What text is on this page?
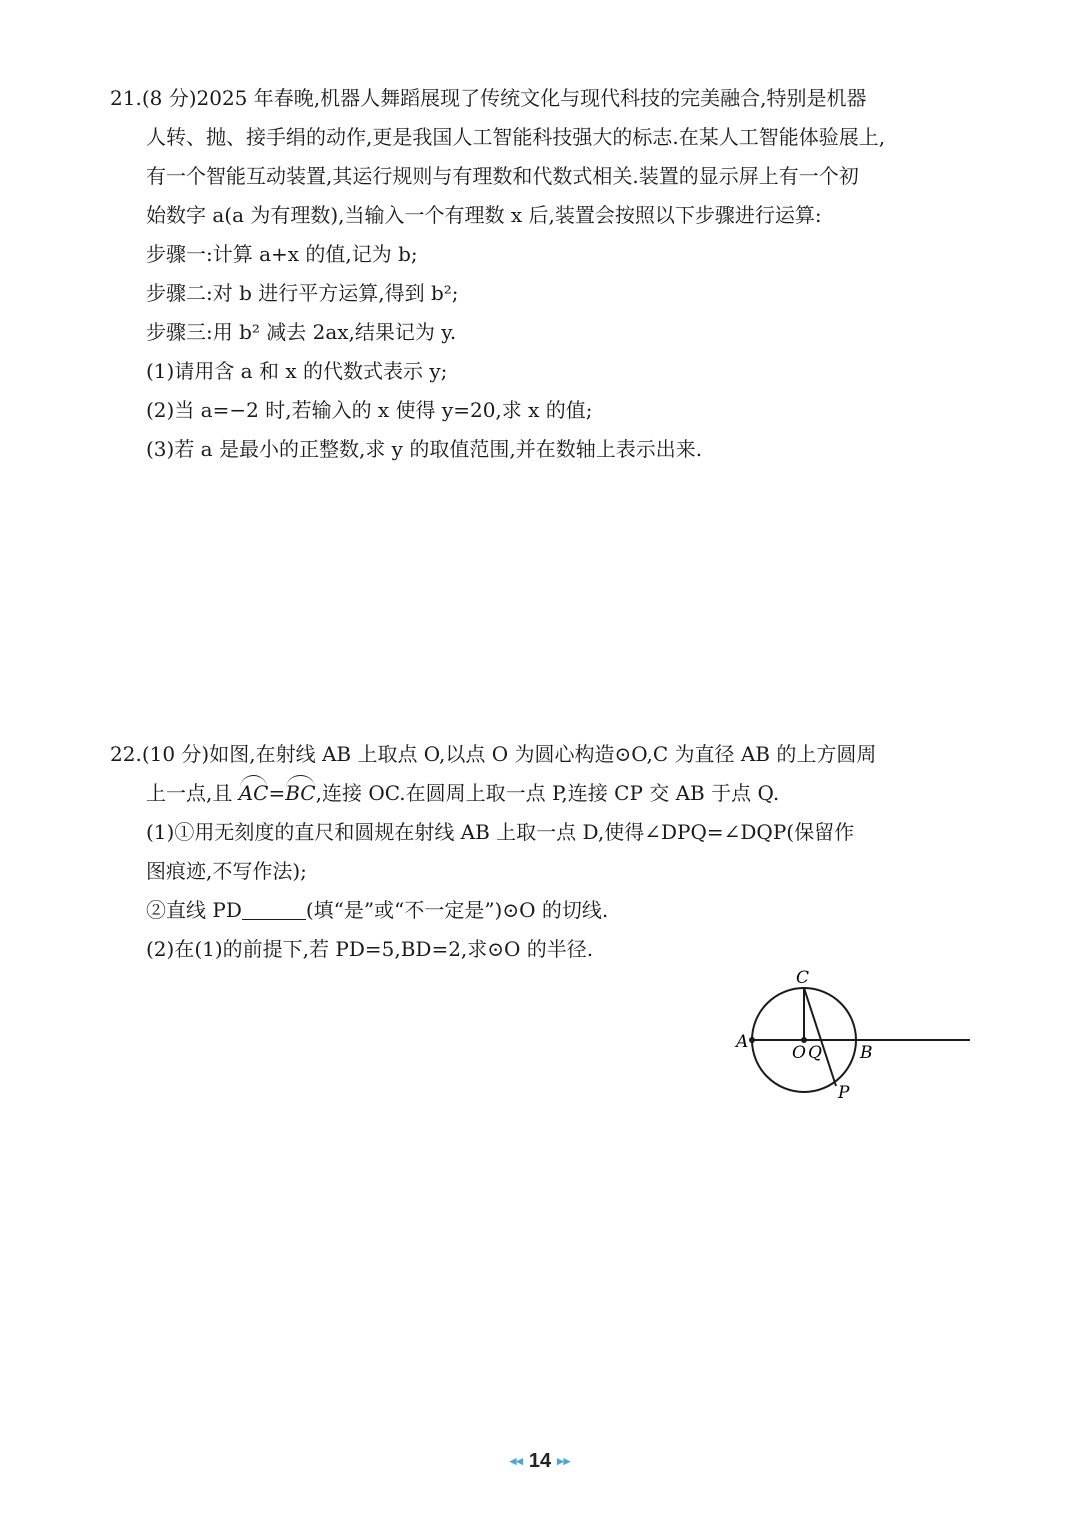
21.(8 分)2025 年春晚,机器人舞蹈展现了传统文化与现代科技的完美融合,特别是机器
人转、抛、接手绢的动作,更是我国人工智能科技强大的标志.在某人工智能体验展上,
有一个智能互动装置,其运行规则与有理数和代数式相关.装置的显示屏上有一个初
始数字 a(a 为有理数),当输入一个有理数 x 后,装置会按照以下步骤进行运算:
步骤一:计算 a+x 的值,记为 b;
步骤二:对 b 进行平方运算,得到 b²;
步骤三:用 b² 减去 2ax,结果记为 y.
(1)请用含 a 和 x 的代数式表示 y;
(2)当 a=−2 时,若输入的 x 使得 y=20,求 x 的值;
(3)若 a 是最小的正整数,求 y 的取值范围,并在数轴上表示出来.
22.(10 分)如图,在射线 AB 上取点 O,以点 O 为圆心构造⊙O,C 为直径 AB 的上方圆周
上一点,且 AC=BC,连接 OC.在圆周上取一点 P,连接 CP 交 AB 于点 Q.
(1)①用无刻度的直尺和圆规在射线 AB 上取一点 D,使得∠DPQ=∠DQP(保留作
图痕迹,不写作法);
②直线 PD	(填“是”或“不一定是”)⊙O 的切线.
(2)在(1)的前提下,若 PD=5,BD=2,求⊙O 的半径.
C
A
O Q B
P
◂◂ 14 ▸▸
